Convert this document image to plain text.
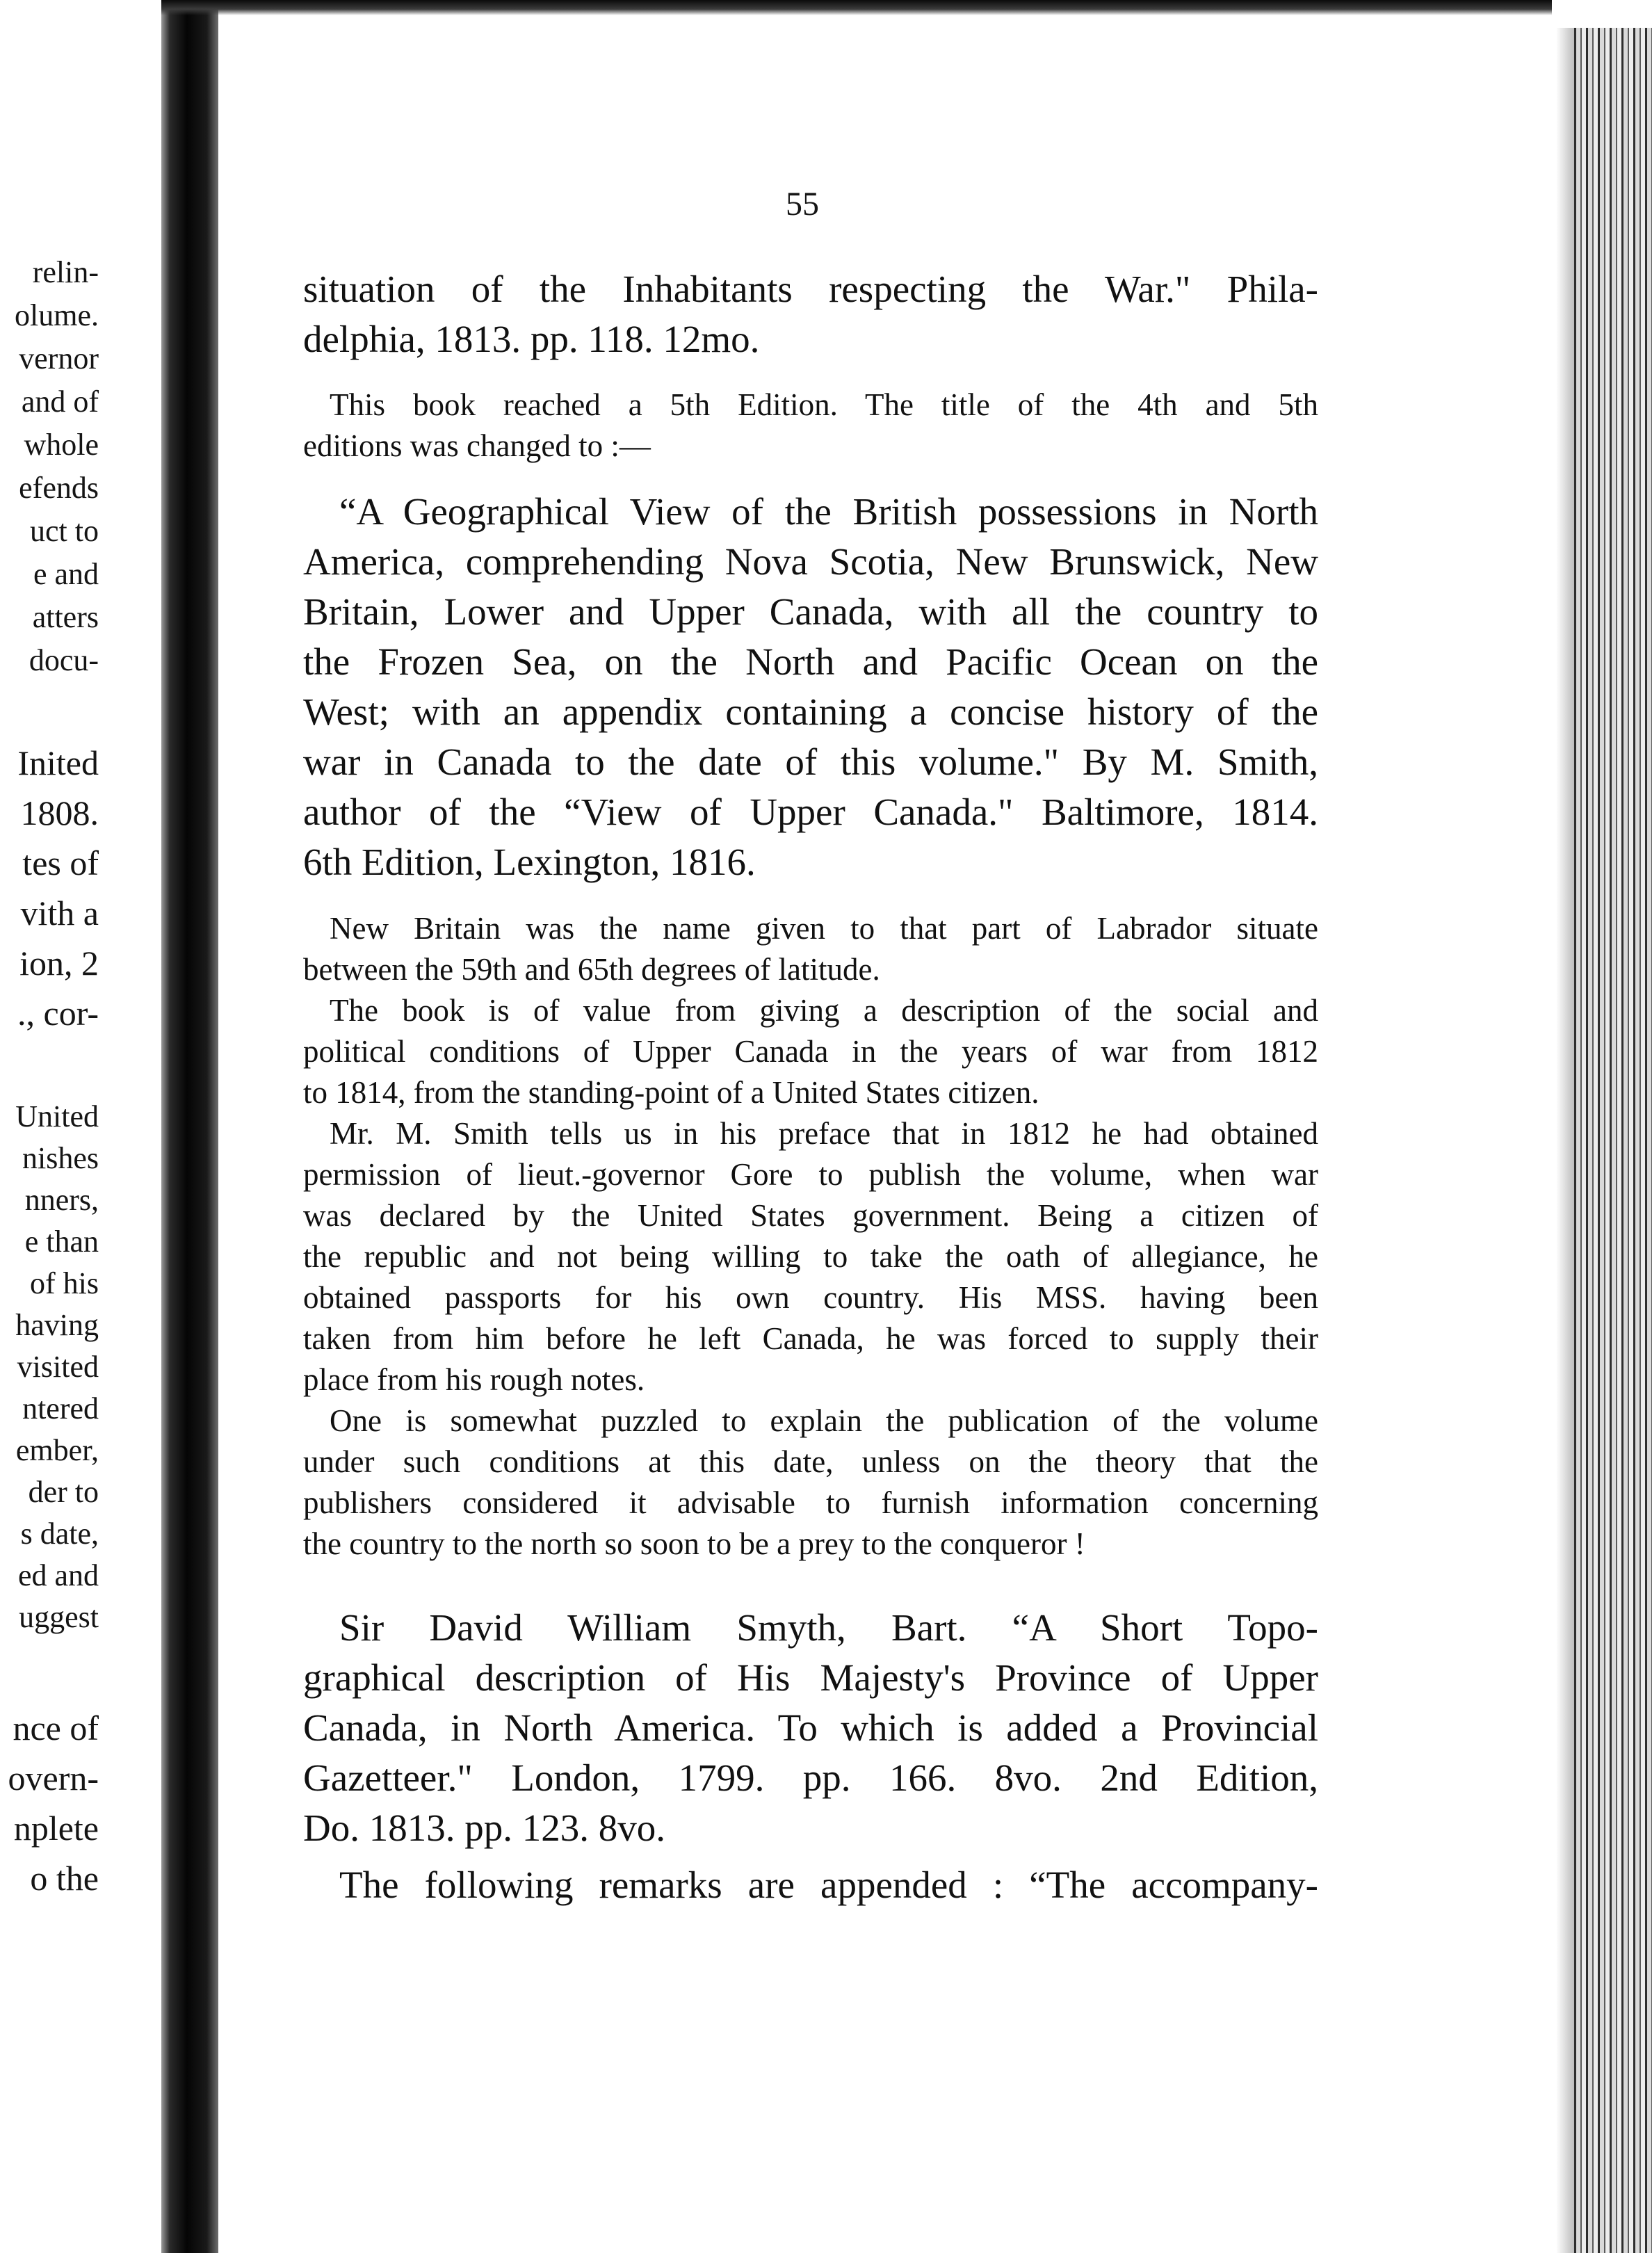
relin-
olume.
vernor
and of
whole
efends
uct to
e and
atters
docu-
Inited
1808.
tes of
vith a
ion, 2
., cor-
United
nishes
nners,
e than
of his
having
visited
ntered
ember,
der to
s date,
ed and
uggest
nce of
overn-
nplete
o the
55
situation of the Inhabitants respecting the War." Phila-
delphia, 1813. pp. 118. 12mo.
This book reached a 5th Edition. The title of the 4th and 5th
editions was changed to :—
“A Geographical View of the British possessions in North
America, comprehending Nova Scotia, New Brunswick, New
Britain, Lower and Upper Canada, with all the country to
the Frozen Sea, on the North and Pacific Ocean on the
West; with an appendix containing a concise history of the
war in Canada to the date of this volume." By M. Smith,
author of the “View of Upper Canada." Baltimore, 1814.
6th Edition, Lexington, 1816.
New Britain was the name given to that part of Labrador situate
between the 59th and 65th degrees of latitude.
The book is of value from giving a description of the social and
political conditions of Upper Canada in the years of war from 1812
to 1814, from the standing-point of a United States citizen.
Mr. M. Smith tells us in his preface that in 1812 he had obtained
permission of lieut.-governor Gore to publish the volume, when war
was declared by the United States government. Being a citizen of
the republic and not being willing to take the oath of allegiance, he
obtained passports for his own country. His MSS. having been
taken from him before he left Canada, he was forced to supply their
place from his rough notes.
One is somewhat puzzled to explain the publication of the volume
under such conditions at this date, unless on the theory that the
publishers considered it advisable to furnish information concerning
the country to the north so soon to be a prey to the conqueror !
Sir David William Smyth, Bart. “A Short Topo-
graphical description of His Majesty's Province of Upper
Canada, in North America. To which is added a Provincial
Gazetteer." London, 1799. pp. 166. 8vo. 2nd Edition,
Do. 1813. pp. 123. 8vo.
The following remarks are appended : “The accompany-
